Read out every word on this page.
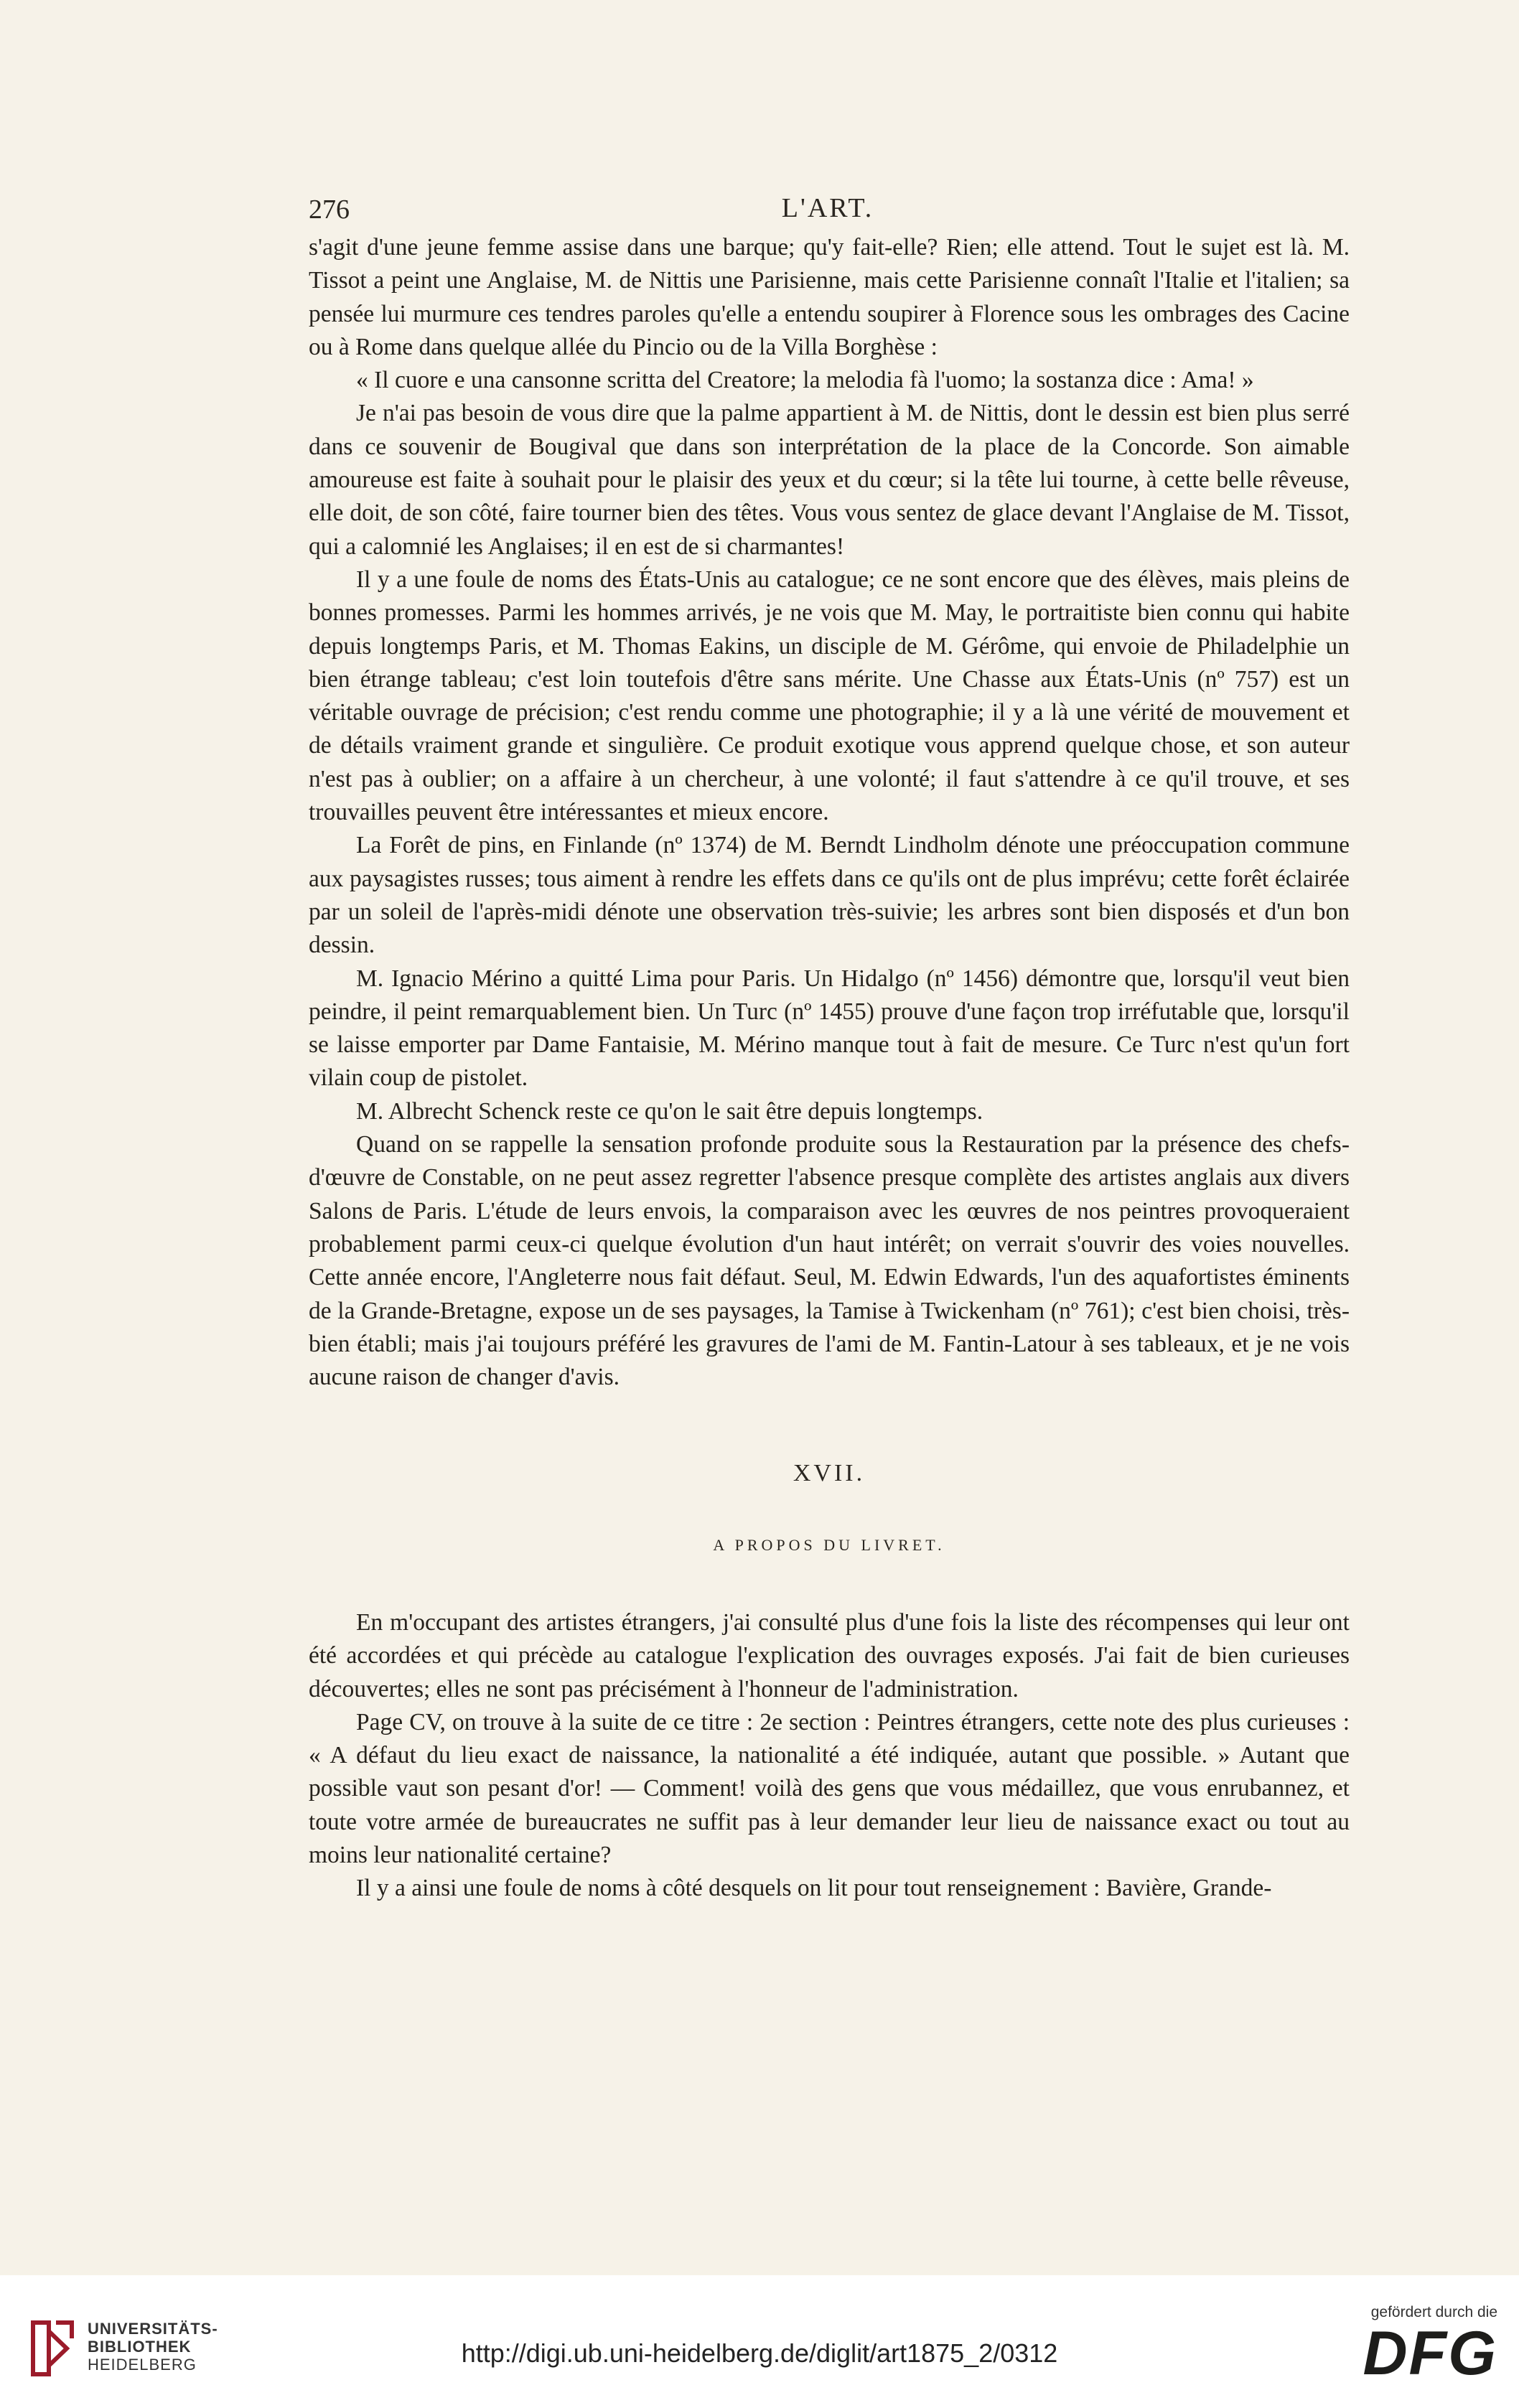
276	L'ART.

s'agit d'une jeune femme assise dans une barque; qu'y fait-elle? Rien; elle attend. Tout le sujet est là. M. Tissot a peint une Anglaise, M. de Nittis une Parisienne, mais cette Parisienne connaît l'Italie et l'italien; sa pensée lui murmure ces tendres paroles qu'elle a entendu soupirer à Florence sous les ombrages des Cacine ou à Rome dans quelque allée du Pincio ou de la Villa Borghèse :

« Il cuore e una cansonne scritta del Creatore; la melodia fà l'uomo; la sostanza dice : Ama! »

Je n'ai pas besoin de vous dire que la palme appartient à M. de Nittis, dont le dessin est bien plus serré dans ce souvenir de Bougival que dans son interprétation de la place de la Concorde. Son aimable amoureuse est faite à souhait pour le plaisir des yeux et du cœur; si la tête lui tourne, à cette belle rêveuse, elle doit, de son côté, faire tourner bien des têtes. Vous vous sentez de glace devant l'Anglaise de M. Tissot, qui a calomnié les Anglaises; il en est de si charmantes!

Il y a une foule de noms des États-Unis au catalogue; ce ne sont encore que des élèves, mais pleins de bonnes promesses. Parmi les hommes arrivés, je ne vois que M. May, le portraitiste bien connu qui habite depuis longtemps Paris, et M. Thomas Eakins, un disciple de M. Gérôme, qui envoie de Philadelphie un bien étrange tableau; c'est loin toutefois d'être sans mérite. Une Chasse aux États-Unis (nº 757) est un véritable ouvrage de précision; c'est rendu comme une photographie; il y a là une vérité de mouvement et de détails vraiment grande et singulière. Ce produit exotique vous apprend quelque chose, et son auteur n'est pas à oublier; on a affaire à un chercheur, à une volonté; il faut s'attendre à ce qu'il trouve, et ses trouvailles peuvent être intéressantes et mieux encore.

La Forêt de pins, en Finlande (nº 1374) de M. Berndt Lindholm dénote une préoccupation commune aux paysagistes russes; tous aiment à rendre les effets dans ce qu'ils ont de plus imprévu; cette forêt éclairée par un soleil de l'après-midi dénote une observation très-suivie; les arbres sont bien disposés et d'un bon dessin.

M. Ignacio Mérino a quitté Lima pour Paris. Un Hidalgo (nº 1456) démontre que, lorsqu'il veut bien peindre, il peint remarquablement bien. Un Turc (nº 1455) prouve d'une façon trop irréfutable que, lorsqu'il se laisse emporter par Dame Fantaisie, M. Mérino manque tout à fait de mesure. Ce Turc n'est qu'un fort vilain coup de pistolet.

M. Albrecht Schenck reste ce qu'on le sait être depuis longtemps.

Quand on se rappelle la sensation profonde produite sous la Restauration par la présence des chefs-d'œuvre de Constable, on ne peut assez regretter l'absence presque complète des artistes anglais aux divers Salons de Paris. L'étude de leurs envois, la comparaison avec les œuvres de nos peintres provoqueraient probablement parmi ceux-ci quelque évolution d'un haut intérêt; on verrait s'ouvrir des voies nouvelles. Cette année encore, l'Angleterre nous fait défaut. Seul, M. Edwin Edwards, l'un des aquafortistes éminents de la Grande-Bretagne, expose un de ses paysages, la Tamise à Twickenham (nº 761); c'est bien choisi, très-bien établi; mais j'ai toujours préféré les gravures de l'ami de M. Fantin-Latour à ses tableaux, et je ne vois aucune raison de changer d'avis.

XVII.
A PROPOS DU LIVRET.

En m'occupant des artistes étrangers, j'ai consulté plus d'une fois la liste des récompenses qui leur ont été accordées et qui précède au catalogue l'explication des ouvrages exposés. J'ai fait de bien curieuses découvertes; elles ne sont pas précisément à l'honneur de l'administration.

Page CV, on trouve à la suite de ce titre : 2e section : Peintres étrangers, cette note des plus curieuses : « A défaut du lieu exact de naissance, la nationalité a été indiquée, autant que possible. » Autant que possible vaut son pesant d'or! — Comment! voilà des gens que vous médaillez, que vous enrubannez, et toute votre armée de bureaucrates ne suffit pas à leur demander leur lieu de naissance exact ou tout au moins leur nationalité certaine?

Il y a ainsi une foule de noms à côté desquels on lit pour tout renseignement : Bavière, Grande-

UNIVERSITÄTS-
BIBLIOTHEK
HEIDELBERG	http://digi.ub.uni-heidelberg.de/diglit/art1875_2/0312
gefördert durch die
DFG
